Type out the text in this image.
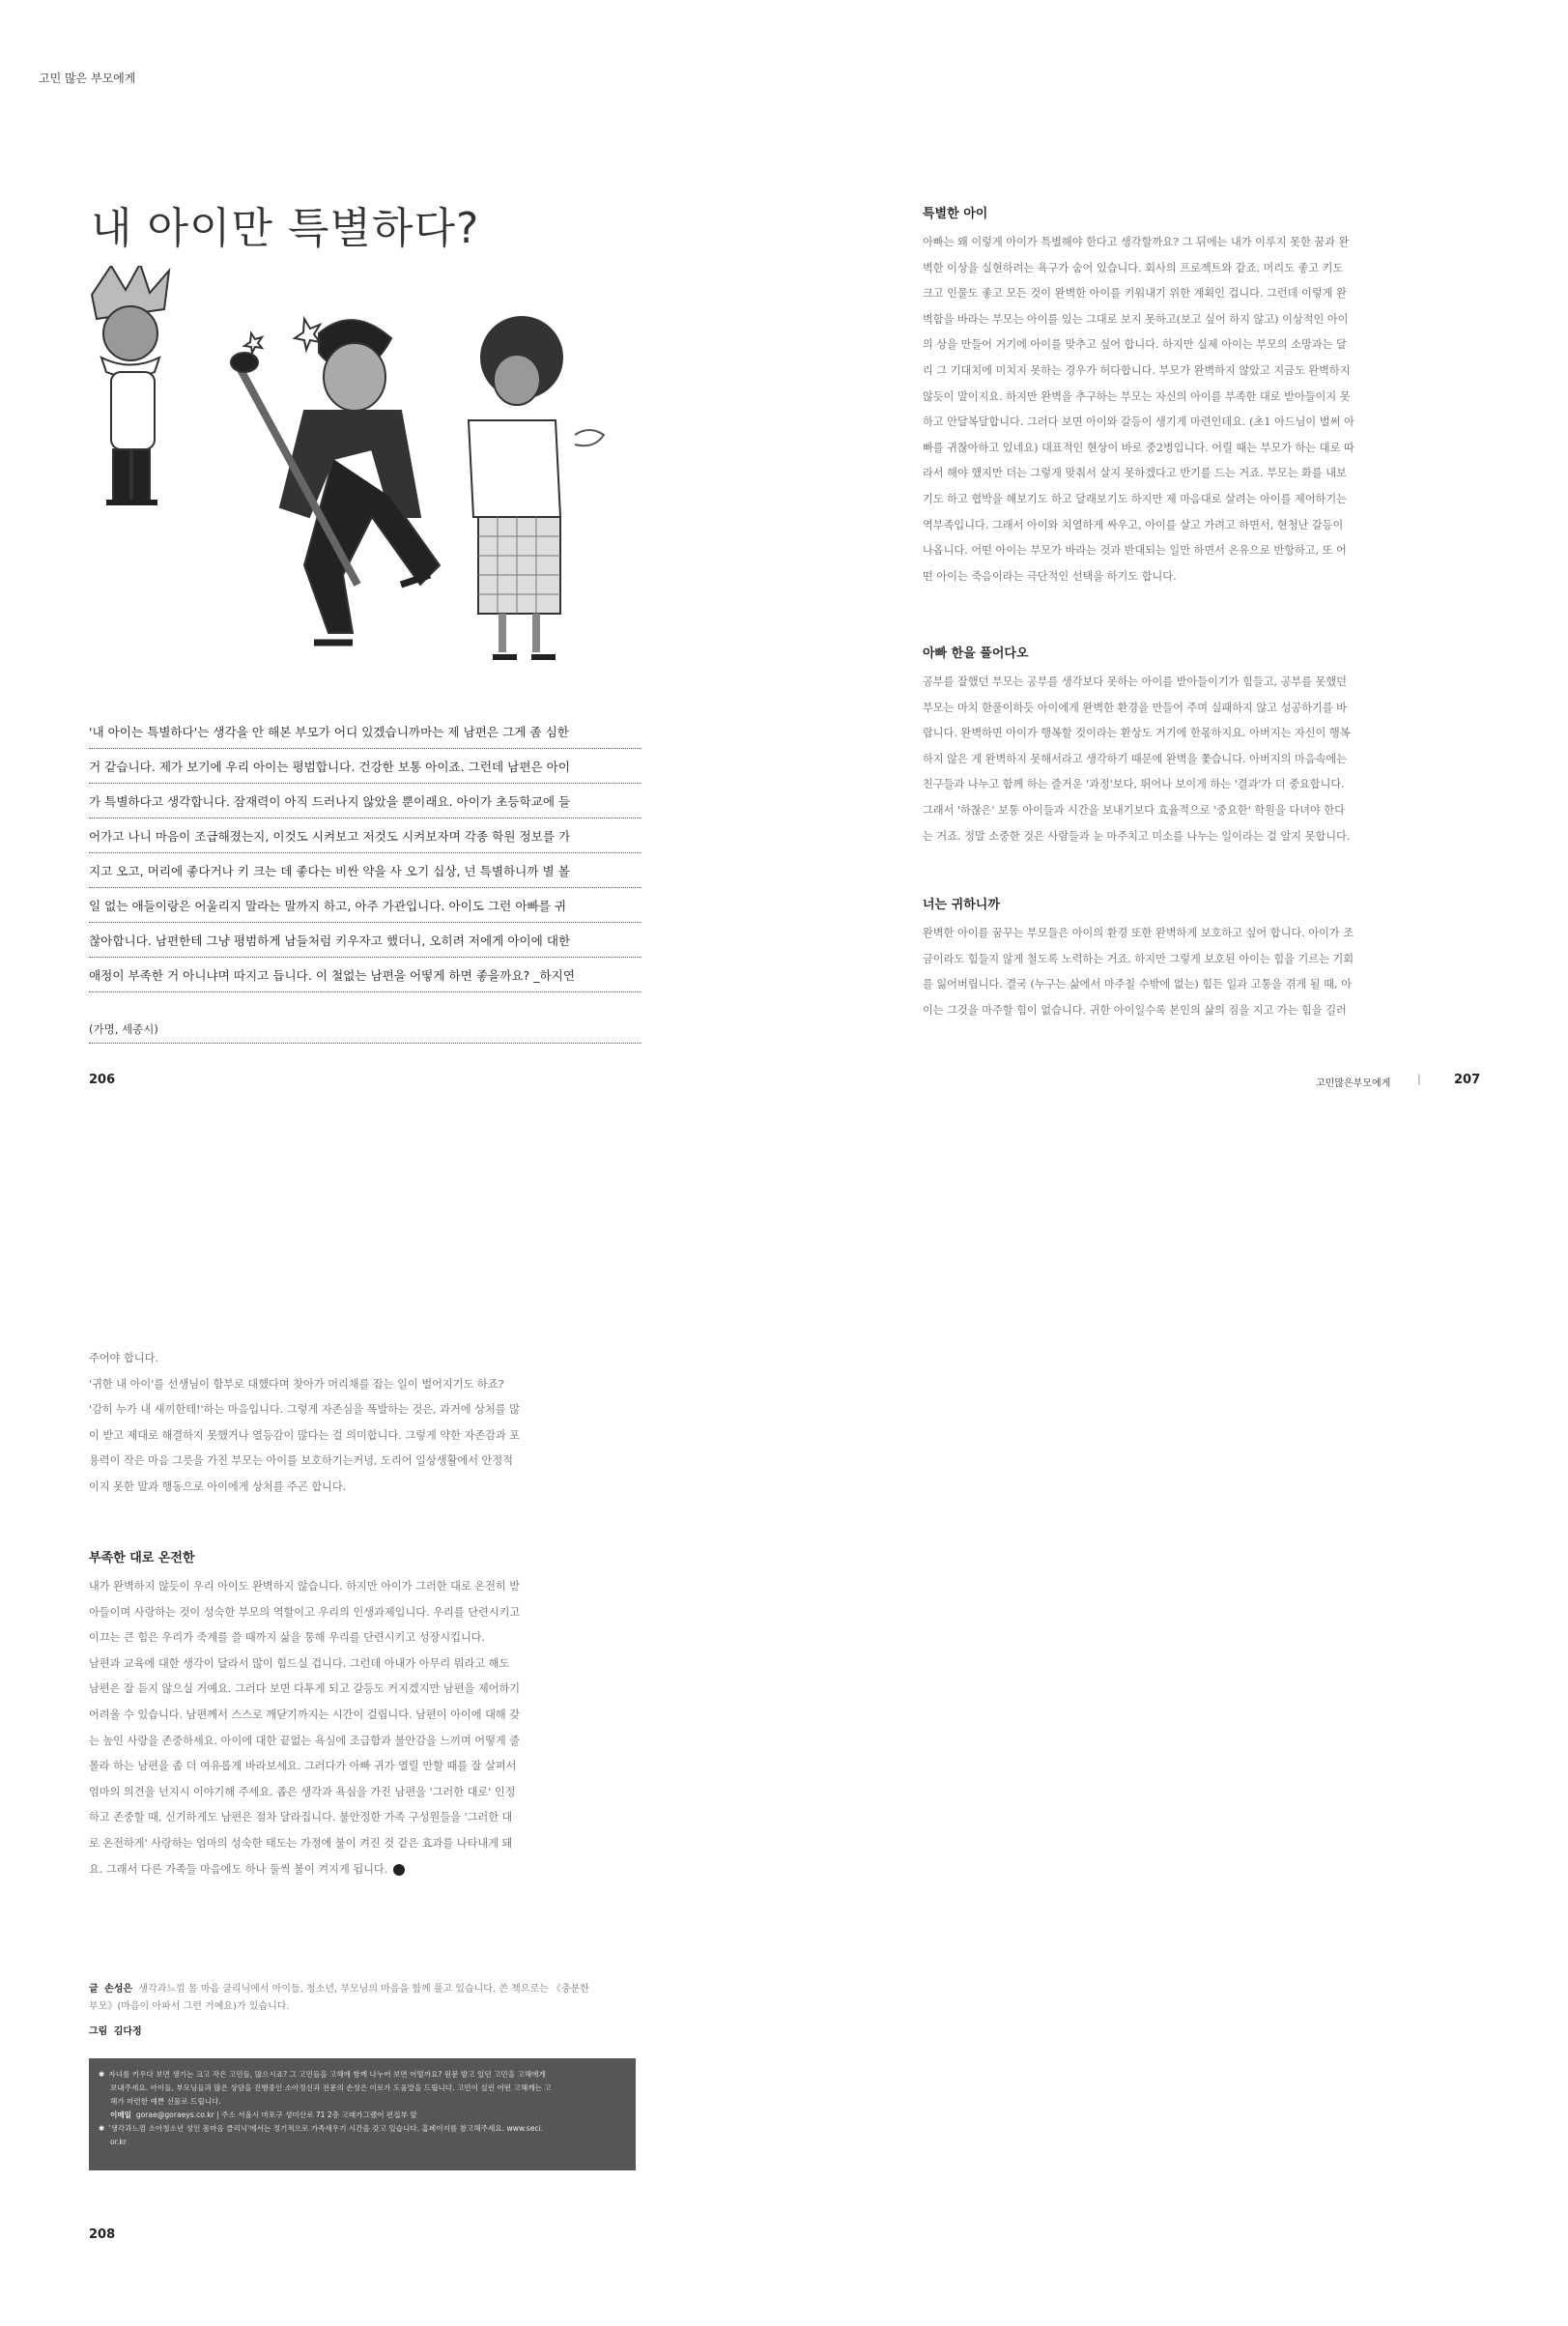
고민 많은 부모에게
내 아이만 특별하다?
'내 아이는 특별하다'는 생각을 안 해본 부모가 어디 있겠습니까마는 제 남편은 그게 좀 심한
거 같습니다. 제가 보기에 우리 아이는 평범합니다. 건강한 보통 아이죠. 그런데 남편은 아이
가 특별하다고 생각합니다. 잠재력이 아직 드러나지 않았을 뿐이래요. 아이가 초등학교에 들
어가고 나니 마음이 조급해졌는지, 이것도 시켜보고 저것도 시켜보자며 각종 학원 정보를 가
지고 오고, 머리에 좋다거나 키 크는 데 좋다는 비싼 약을 사 오기 십상, 넌 특별하니까 별 볼
일 없는 애들이랑은 어울리지 말라는 말까지 하고, 아주 가관입니다. 아이도 그런 아빠를 귀
찮아합니다. 남편한테 그냥 평범하게 남들처럼 키우자고 했더니, 오히려 저에게 아이에 대한
애정이 부족한 거 아니냐며 따지고 듭니다. 이 철없는 남편을 어떻게 하면 좋을까요? _하지연
(가명, 세종시)
206	고민많은부모에게	|	207
특별한 아이

아빠는 왜 이렇게 아이가 특별해야 한다고 생각할까요? 그 뒤에는 내가 이루지 못한 꿈과 완

벽한 이상을 실현하려는 욕구가 숨어 있습니다. 회사의 프로젝트와 같죠. 머리도 좋고 키도

크고 인물도 좋고 모든 것이 완벽한 아이를 키워내기 위한 계획인 겁니다. 그런데 이렇게 완

벽함을 바라는 부모는 아이를 있는 그대로 보지 못하고(보고 싶어 하지 않고) 이상적인 아이

의 상을 만들어 거기에 아이를 맞추고 싶어 합니다. 하지만 실제 아이는 부모의 소망과는 달

리 그 기대치에 미치지 못하는 경우가 허다합니다. 부모가 완벽하지 않았고 지금도 완벽하지

않듯이 말이지요. 하지만 완벽을 추구하는 부모는 자신의 아이를 부족한 대로 받아들이지 못

하고 안달복달합니다. 그러다 보면 아이와 갈등이 생기게 마련인데요. (초1 아드님이 벌써 아

빠를 귀찮아하고 있네요) 대표적인 현상이 바로 중2병입니다. 어릴 때는 부모가 하는 대로 따

라서 해야 했지만 더는 그렇게 맞춰서 살지 못하겠다고 반기를 드는 거죠. 부모는 화를 내보

기도 하고 협박을 해보기도 하고 달래보기도 하지만 제 마음대로 살려는 아이를 제어하기는

역부족입니다. 그래서 아이와 치열하게 싸우고, 아이를 살고 가려고 하면서, 현청난 갈등이

나옵니다. 어떤 아이는 부모가 바라는 것과 반대되는 일만 하면서 온유으로 반항하고, 또 어

떤 아이는 죽음이라는 극단적인 선택을 하기도 합니다.

아빠 한을 풀어다오

공부를 잘했던 부모는 공부를 생각보다 못하는 아이를 받아들이기가 힘들고, 공부를 못했던

부모는 마치 한풀이하듯 아이에게 완벽한 환경을 만들어 주며 실패하지 않고 성공하기를 바

랍니다. 완벽하면 아이가 행복할 것이라는 환상도 거기에 한몫하지요. 아버지는 자신이 행복

하지 않은 게 완벽하지 못해서라고 생각하기 때문에 완벽을 쫓습니다. 아버지의 마음속에는

친구들과 나누고 함께 하는 즐거운 '과정'보다, 뛰어나 보이게 하는 '결과'가 더 중요합니다.

그래서 '하찮은' 보통 아이들과 시간을 보내기보다 효율적으로 '중요한' 학원을 다녀야 한다

는 거죠. 정말 소중한 것은 사람들과 눈 마주치고 미소를 나누는 일이라는 걸 알지 못합니다.

너는 귀하니까

완벽한 아이를 꿈꾸는 부모들은 아이의 환경 또한 완벽하게 보호하고 싶어 합니다. 아이가 조

금이라도 힘들지 않게 철도록 노력하는 거죠. 하지만 그렇게 보호된 아이는 힘을 기르는 기회

를 잃어버립니다. 결국 (누구는 삶에서 마주칠 수밖에 없는) 힘든 일과 고통을 겪게 될 때, 아

이는 그것을 마주할 힘이 없습니다. 귀한 아이일수록 본인의 삶의 짐을 지고 가는 힘을 길러

주어야 합니다.

'귀한 내 아이'를 선생님이 함부로 대했다며 찾아가 머리채를 잡는 일이 벌어지기도 하죠?

'감히 누가 내 새끼한테!'하는 마음입니다. 그렇게 자존심을 폭발하는 것은, 과거에 상처를 많

이 받고 제대로 해결하지 못했거나 열등감이 많다는 걸 의미합니다. 그렇게 약한 자존감과 포

용력이 작은 마음 그릇을 가진 부모는 아이를 보호하기는커녕, 도리어 일상생활에서 안정적

이지 못한 말과 행동으로 아이에게 상처를 주곤 합니다.

부족한 대로 온전한

내가 완벽하지 않듯이 우리 아이도 완벽하지 않습니다. 하지만 아이가 그러한 대로 온전히 받

아들이며 사랑하는 것이 성숙한 부모의 역할이고 우리의 인생과제입니다. 우리를 단련시키고

이끄는 큰 힘은 우리가 죽계를 쓸 때까지 삶을 통해 우리를 단련시키고 성장시킵니다.

남편과 교육에 대한 생각이 달라서 많이 힘드실 겁니다. 그런데 아내가 아무리 뭐라고 해도

남편은 잘 듣지 않으실 거예요. 그러다 보면 다투게 되고 갈등도 커지겠지만 남편을 제어하기

어려울 수 있습니다. 남편께서 스스로 깨닫기까지는 시간이 걸립니다. 남편이 아이에 대해 갖

는 높인 사랑을 존중하세요. 아이에 대한 끝없는 욕심에 조급함과 불안감을 느끼며 어떻게 줄

몰라 하는 남편을 좀 더 여유롭게 바라보세요. 그러다가 아빠 귀가 열릴 만할 때를 잘 살펴서

엄마의 의견을 넌지시 이야기해 주세요. 좁은 생각과 욕심을 가진 남편을 '그러한 대로' 인정

하고 존중할 때, 신기하게도 남편은 점차 달라집니다. 불안정한 가족 구성원들을 '그러한 대

로 온전하게' 사랑하는 엄마의 성숙한 태도는 가정에 불이 켜진 것 같은 효과를 나타내게 돼

요. 그래서 다른 가족들 마음에도 하나 둘씩 불이 켜지게 됩니다.

글 손성은 생각과느낌 몸 마음 클리닉에서 아이들, 청소년, 부모님의 마음을 함께 풀고 있습니다. 쓴 책으로는 《충분한
부모》(마음이 아파서 그런 거예요)가 있습니다.
그림 김다정
✱ 자녀를 키우다 보면 생기는 크고 작은 고민들, 많으시죠? 그 고민들을 고해에 함께 나누어 보면 어떨까요? 원문 발고 있던 고민을 고해에게
보내주세요. 아이들, 부모님들과 많은 상담을 진행중인 소아정신과 전문의 손성은 이로가 도움말을 드립니다. 고민이 실린 어떤 고해께는 고
해가 마련한 예쁜 선물로 드립니다.
이메일 gorae@goraeys.co.kr | 주소 서울시 마포구 성미산로 71 2층 고래가그랬어 편집부 앞
✱ '생각과느낌 소아청소년 성인 몸마음 클리닉'에서는 정기적으로 가족세우기 시간을 갖고 있습니다. 홈페이지를 참고해주세요. www.seci.
or.kr
208
